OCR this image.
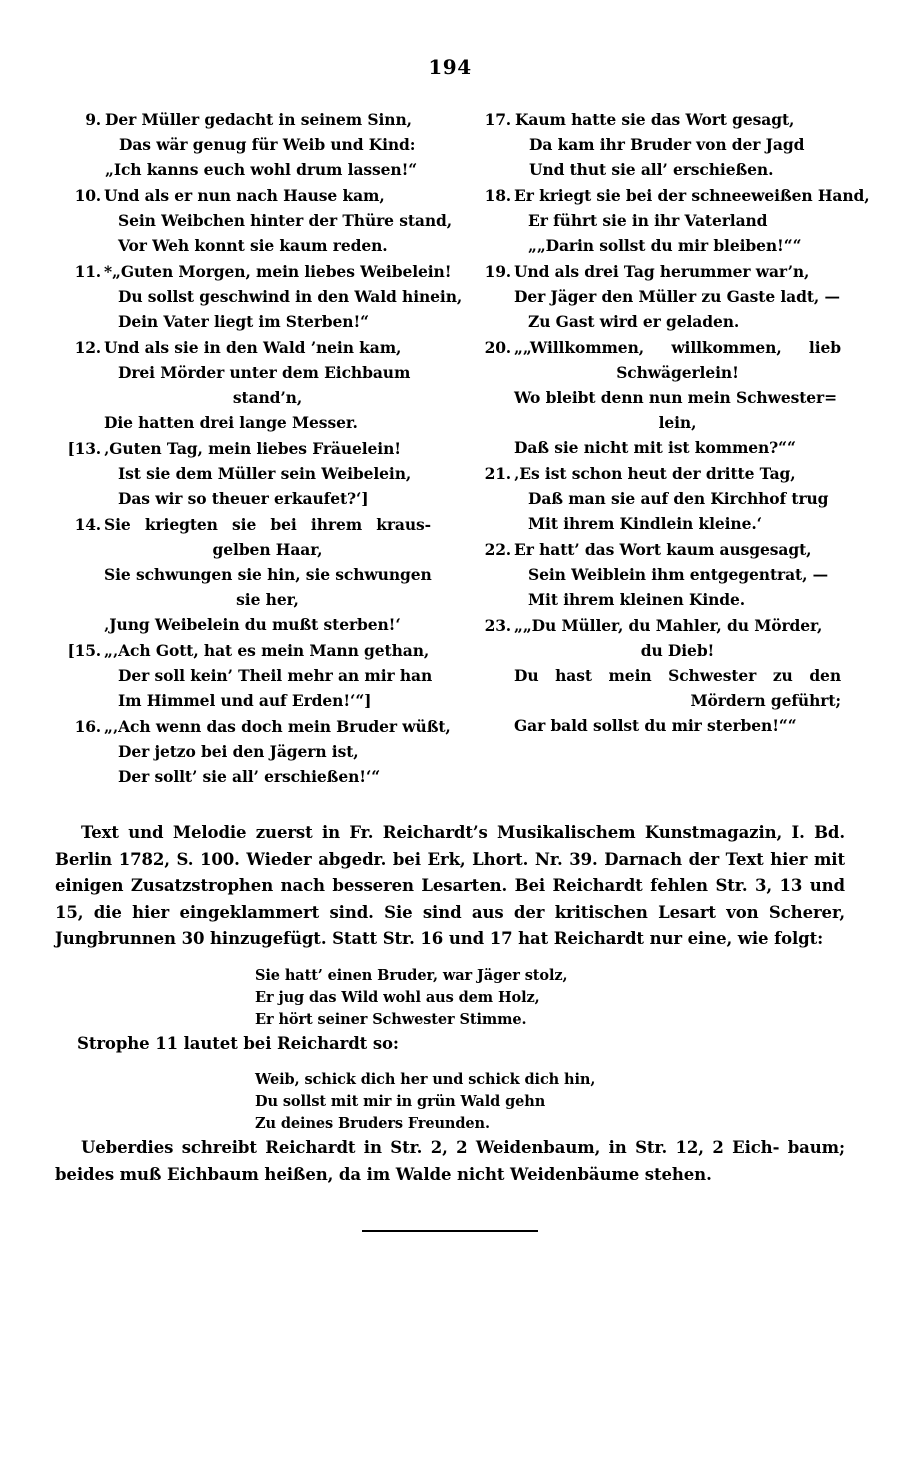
194
9. Der Müller gedacht in seinem Sinn,
Das wär genug für Weib und Kind:
„Ich kanns euch wohl drum lassen!“
10. Und als er nun nach Hause kam,
Sein Weibchen hinter der Thüre stand,
Vor Weh konnt sie kaum reden.
11. *„Guten Morgen, mein liebes Weibelein!
Du sollst geschwind in den Wald hinein,
Dein Vater liegt im Sterben!“
12. Und als sie in den Wald ’nein kam,
Drei Mörder unter dem Eichbaum
stand’n,
Die hatten drei lange Messer.
[13. ‚Guten Tag, mein liebes Fräuelein!
Ist sie dem Müller sein Weibelein,
Das wir so theuer erkaufet?‘]
14. Sie kriegten sie bei ihrem kraus-
gelben Haar,
Sie schwungen sie hin, sie schwungen
sie her,
‚Jung Weibelein du mußt sterben!‘
[15. „‚Ach Gott, hat es mein Mann gethan,
Der soll kein’ Theil mehr an mir han
Im Himmel und auf Erden!‘“]
16. „‚Ach wenn das doch mein Bruder wüßt,
Der jetzo bei den Jägern ist,
Der sollt’ sie all’ erschießen!‘“
17. Kaum hatte sie das Wort gesagt,
Da kam ihr Bruder von der Jagd
Und thut sie all’ erschießen.
18. Er kriegt sie bei der schneeweißen Hand,
Er führt sie in ihr Vaterland
„„Darin sollst du mir bleiben!““
19. Und als drei Tag herummer war’n,
Der Jäger den Müller zu Gaste ladt, —
Zu Gast wird er geladen.
20. „„Willkommen, willkommen, lieb
Schwägerlein!
Wo bleibt denn nun mein Schwester=
lein,
Daß sie nicht mit ist kommen?““
21. ‚Es ist schon heut der dritte Tag,
Daß man sie auf den Kirchhof trug
Mit ihrem Kindlein kleine.‘
22. Er hatt’ das Wort kaum ausgesagt,
Sein Weiblein ihm entgegentrat, —
Mit ihrem kleinen Kinde.
23. „„Du Müller, du Mahler, du Mörder,
du Dieb!
Du hast mein Schwester zu den
Mördern geführt;
Gar bald sollst du mir sterben!““

Text und Melodie zuerst in Fr. Reichardt’s Musikalischem Kunstmagazin, I. Bd. Berlin 1782, S. 100. Wieder abgedr. bei Erk, Lhort. Nr. 39. Darnach der Text hier mit einigen Zusatzstrophen nach besseren Lesarten. Bei Reichardt fehlen Str. 3, 13 und 15, die hier eingeklammert sind. Sie sind aus der kritischen Lesart von Scherer, Jungbrunnen 30 hinzugefügt. Statt Str. 16 und 17 hat Reichardt nur eine, wie folgt:

Sie hatt’ einen Bruder, war Jäger stolz,
Er jug das Wild wohl aus dem Holz,
Er hört seiner Schwester Stimme.

Strophe 11 lautet bei Reichardt so:

Weib, schick dich her und schick dich hin,
Du sollst mit mir in grün Wald gehn
Zu deines Bruders Freunden.

Ueberdies schreibt Reichardt in Str. 2, 2 Weidenbaum, in Str. 12, 2 Eich- baum; beides muß Eichbaum heißen, da im Walde nicht Weidenbäume stehen.
